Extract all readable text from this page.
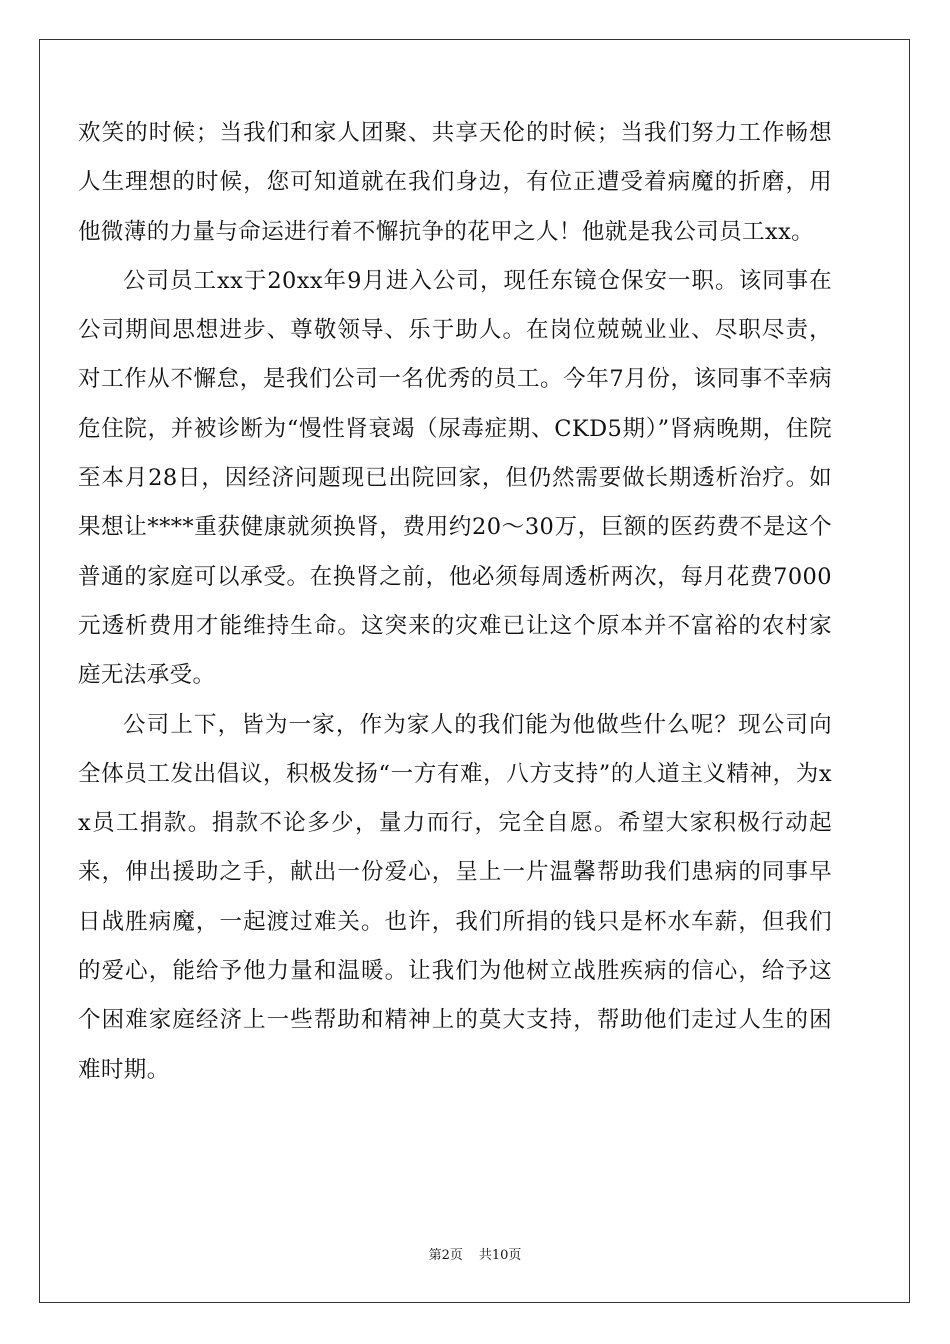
欢笑的时候；当我们和家人团聚、共享天伦的时候；当我们努力工作畅想人生理想的时候，您可知道就在我们身边，有位正遭受着病魔的折磨，用他微薄的力量与命运进行着不懈抗争的花甲之人！他就是我公司员工xx。

公司员工xx于20xx年9月进入公司，现任东镜仓保安一职。该同事在公司期间思想进步、尊敬领导、乐于助人。在岗位兢兢业业、尽职尽责，对工作从不懈怠，是我们公司一名优秀的员工。今年7月份，该同事不幸病危住院，并被诊断为“慢性肾衰竭（尿毒症期、CKD5期）”肾病晚期，住院至本月28日，因经济问题现已出院回家，但仍然需要做长期透析治疗。如果想让****重获健康就须换肾，费用约20～30万，巨额的医药费不是这个普通的家庭可以承受。在换肾之前，他必须每周透析两次，每月花费7000元透析费用才能维持生命。这突来的灾难已让这个原本并不富裕的农村家庭无法承受。

公司上下，皆为一家，作为家人的我们能为他做些什么呢？现公司向全体员工发出倡议，积极发扬“一方有难，八方支持”的人道主义精神，为xx员工捐款。捐款不论多少，量力而行，完全自愿。希望大家积极行动起来，伸出援助之手，献出一份爱心，呈上一片温馨帮助我们患病的同事早日战胜病魔，一起渡过难关。也许，我们所捐的钱只是杯水车薪，但我们的爱心，能给予他力量和温暖。让我们为他树立战胜疾病的信心，给予这个困难家庭经济上一些帮助和精神上的莫大支持，帮助他们走过人生的困难时期。

第2页 共10页
